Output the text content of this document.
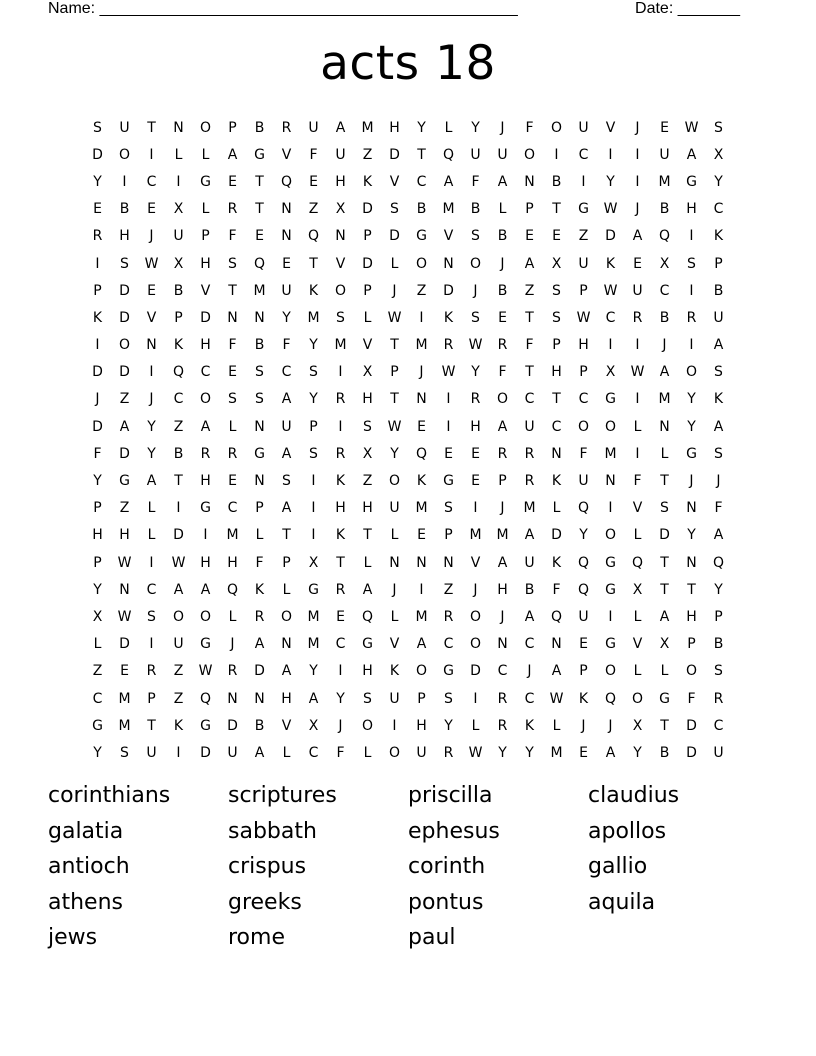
Name: _______________________________________________	Date: _______
acts 18
S	U	T	N	O	P	B	R	U	A	M	H	Y	L	Y	J	F	O	U	V	J	E	W	S
D	O	I	L	L	A	G	V	F	U	Z	D	T	Q	U	U	O	I	C	I	I	U	A	X
Y	I	C	I	G	E	T	Q	E	H	K	V	C	A	F	A	N	B	I	Y	I	M	G	Y
E	B	E	X	L	R	T	N	Z	X	D	S	B	M	B	L	P	T	G	W	J	B	H	C
R	H	J	U	P	F	E	N	Q	N	P	D	G	V	S	B	E	E	Z	D	A	Q	I	K
I	S	W	X	H	S	Q	E	T	V	D	L	O	N	O	J	A	X	U	K	E	X	S	P
P	D	E	B	V	T	M	U	K	O	P	J	Z	D	J	B	Z	S	P	W	U	C	I	B
K	D	V	P	D	N	N	Y	M	S	L	W	I	K	S	E	T	S	W	C	R	B	R	U
I	O	N	K	H	F	B	F	Y	M	V	T	M	R	W	R	F	P	H	I	I	J	I	A
D	D	I	Q	C	E	S	C	S	I	X	P	J	W	Y	F	T	H	P	X	W	A	O	S
J	Z	J	C	O	S	S	A	Y	R	H	T	N	I	R	O	C	T	C	G	I	M	Y	K
D	A	Y	Z	A	L	N	U	P	I	S	W	E	I	H	A	U	C	O	O	L	N	Y	A
F	D	Y	B	R	R	G	A	S	R	X	Y	Q	E	E	R	R	N	F	M	I	L	G	S
Y	G	A	T	H	E	N	S	I	K	Z	O	K	G	E	P	R	K	U	N	F	T	J	J
P	Z	L	I	G	C	P	A	I	H	H	U	M	S	I	J	M	L	Q	I	V	S	N	F
H	H	L	D	I	M	L	T	I	K	T	L	E	P	M	M	A	D	Y	O	L	D	Y	A
P	W	I	W	H	H	F	P	X	T	L	N	N	N	V	A	U	K	Q	G	Q	T	N	Q
Y	N	C	A	A	Q	K	L	G	R	A	J	I	Z	J	H	B	F	Q	G	X	T	T	Y
X	W	S	O	O	L	R	O	M	E	Q	L	M	R	O	J	A	Q	U	I	L	A	H	P
L	D	I	U	G	J	A	N	M	C	G	V	A	C	O	N	C	N	E	G	V	X	P	B
Z	E	R	Z	W	R	D	A	Y	I	H	K	O	G	D	C	J	A	P	O	L	L	O	S
C	M	P	Z	Q	N	N	H	A	Y	S	U	P	S	I	R	C	W	K	Q	O	G	F	R
G	M	T	K	G	D	B	V	X	J	O	I	H	Y	L	R	K	L	J	J	X	T	D	C
Y	S	U	I	D	U	A	L	C	F	L	O	U	R	W	Y	Y	M	E	A	Y	B	D	U
corinthians	scriptures	priscilla	claudius
galatia	sabbath	ephesus	apollos
antioch	crispus	corinth	gallio
athens	greeks	pontus	aquila
jews	rome	paul
